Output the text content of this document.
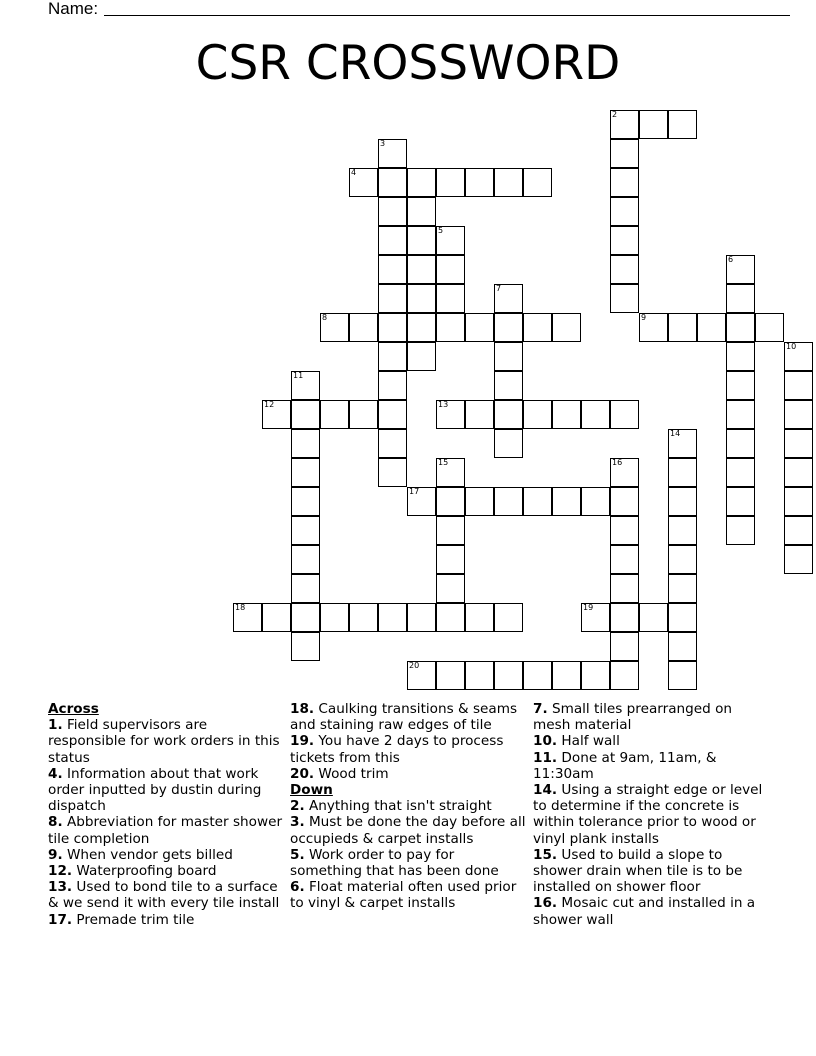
Name:
CSR CROSSWORD
2
3
4
5
6
7
8	9
10
11
12	13
14
15	16
17
18	19
20
Across
1. Field supervisors are responsible for work orders in this status
4. Information about that work order inputted by dustin during dispatch
8. Abbreviation for master shower tile completion
9. When vendor gets billed
12. Waterproofing board
13. Used to bond tile to a surface & we send it with every tile install
17. Premade trim tile
18. Caulking transitions & seams and staining raw edges of tile
19. You have 2 days to process tickets from this
20. Wood trim
Down
2. Anything that isn't straight
3. Must be done the day before all occupieds & carpet installs
5. Work order to pay for something that has been done
6. Float material often used prior to vinyl & carpet installs
7. Small tiles prearranged on mesh material
10. Half wall
11. Done at 9am, 11am, & 11:30am
14. Using a straight edge or level to determine if the concrete is within tolerance prior to wood or vinyl plank installs
15. Used to build a slope to shower drain when tile is to be installed on shower floor
16. Mosaic cut and installed in a shower wall
